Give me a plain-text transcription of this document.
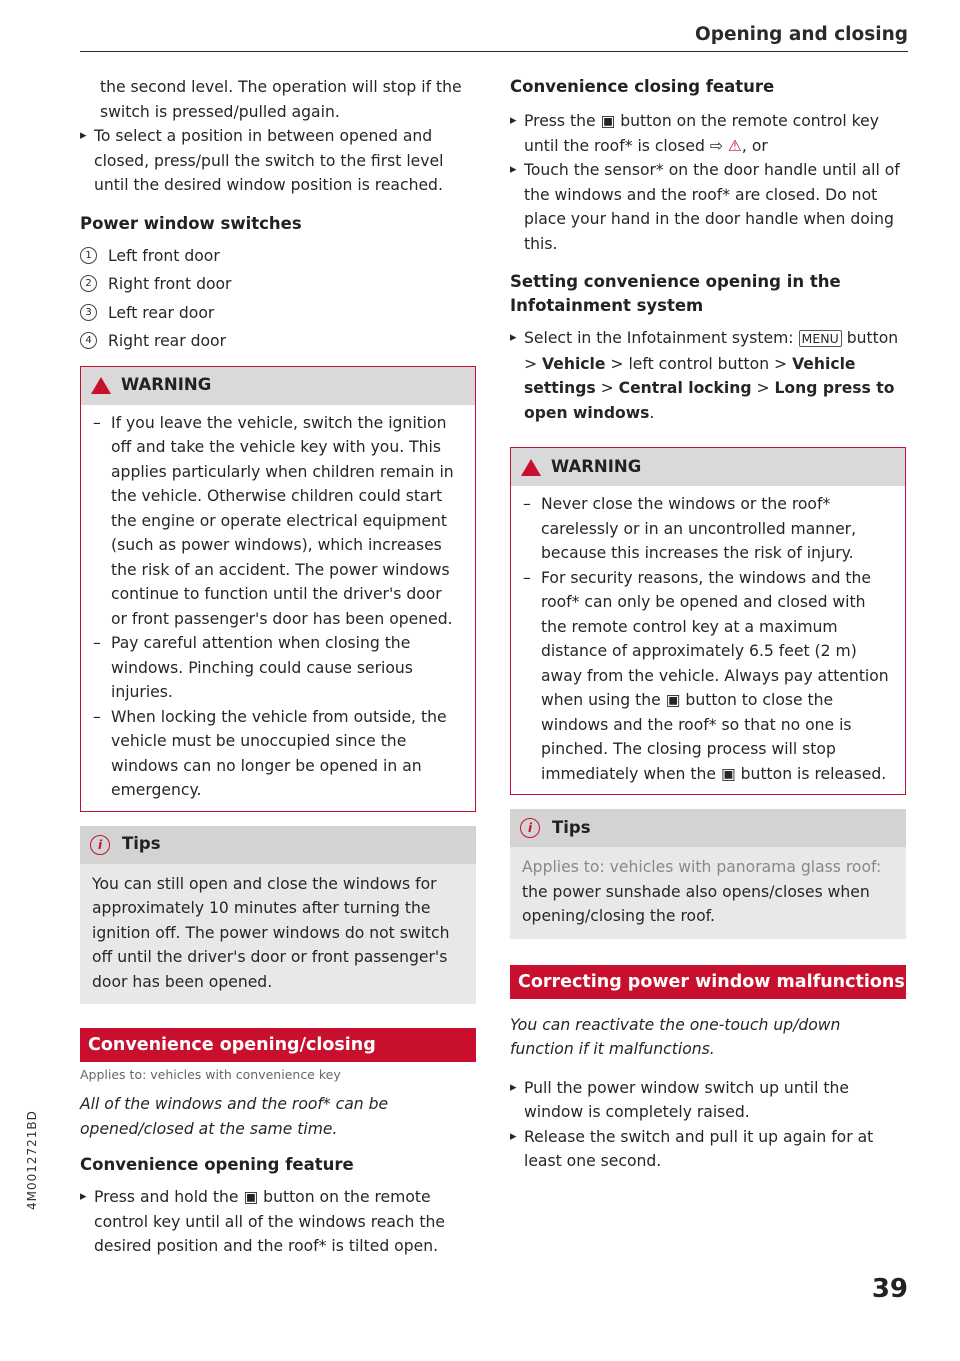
Opening and closing

the second level. The operation will stop if the switch is pressed/pulled again.

▸ To select a position in between opened and closed, press/pull the switch to the first level until the desired window position is reached.

Power window switches
1	Left front door
2	Right front door
3	Left rear door
4	Right rear door
WARNING

– If you leave the vehicle, switch the ignition off and take the vehicle key with you. This applies particularly when children remain in the vehicle. Otherwise children could start the engine or operate electrical equipment (such as power windows), which increases the risk of an accident. The power windows continue to function until the driver's door or front passenger's door has been opened.

– Pay careful attention when closing the windows. Pinching could cause serious injuries.

– When locking the vehicle from outside, the vehicle must be unoccupied since the windows can no longer be opened in an emergency.

i	Tips

You can still open and close the windows for approximately 10 minutes after turning the ignition off. The power windows do not switch off until the driver's door or front passenger's door has been opened.

Convenience opening/closing

Applies to: vehicles with convenience key

All of the windows and the roof* can be opened/closed at the same time.

Convenience opening feature

▸ Press and hold the ▣ button on the remote control key until all of the windows reach the desired position and the roof* is tilted open.

Convenience closing feature

▸ Press the ▣ button on the remote control key until the roof* is closed ⇨ ⚠, or

▸ Touch the sensor* on the door handle until all of the windows and the roof* are closed. Do not place your hand in the door handle when doing this.

Setting convenience opening in the Infotainment system

▸ Select in the Infotainment system: MENU button > Vehicle > left control button > Vehicle settings > Central locking > Long press to open windows.

WARNING

– Never close the windows or the roof* carelessly or in an uncontrolled manner, because this increases the risk of injury.

– For security reasons, the windows and the roof* can only be opened and closed with the remote control key at a maximum distance of approximately 6.5 feet (2 m) away from the vehicle. Always pay attention when using the ▣ button to close the windows and the roof* so that no one is pinched. The closing process will stop immediately when the ▣ button is released.

i	Tips

Applies to: vehicles with panorama glass roof:

the power sunshade also opens/closes when opening/closing the roof.

Correcting power window malfunctions

You can reactivate the one-touch up/down function if it malfunctions.

▸ Pull the power window switch up until the window is completely raised.

▸ Release the switch and pull it up again for at least one second.

4M0012721BD
39
